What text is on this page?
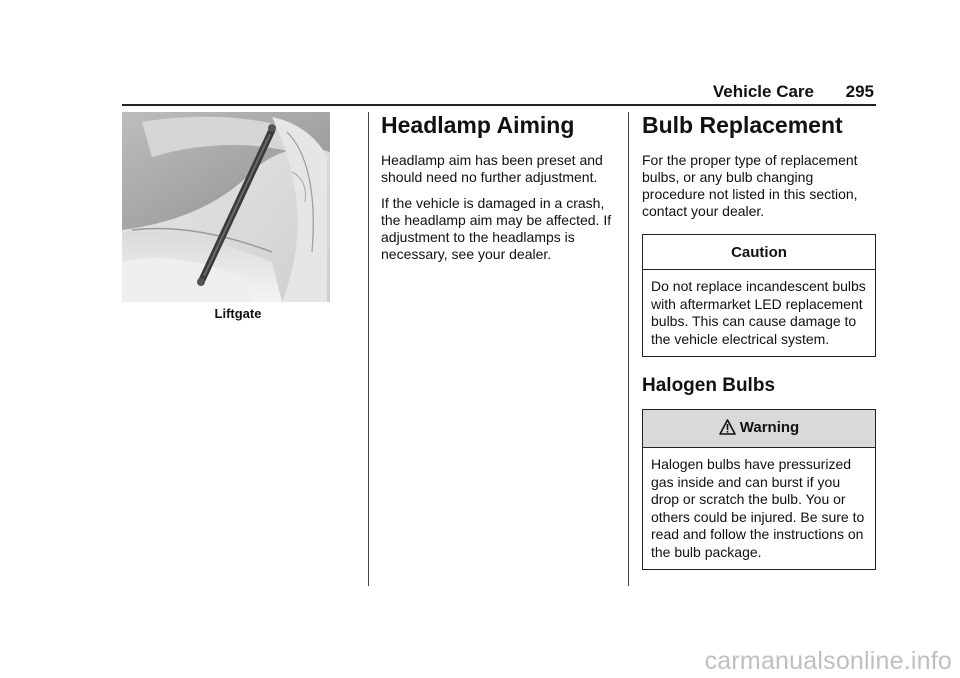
Vehicle Care 295
Liftgate
Headlamp Aiming

Headlamp aim has been preset and should need no further adjustment.

If the vehicle is damaged in a crash, the headlamp aim may be affected. If adjustment to the headlamps is necessary, see your dealer.

Bulb Replacement

For the proper type of replacement bulbs, or any bulb changing procedure not listed in this section, contact your dealer.

Caution
Do not replace incandescent bulbs with aftermarket LED replacement bulbs. This can cause damage to the vehicle electrical system.
Halogen Bulbs
Warning
Halogen bulbs have pressurized gas inside and can burst if you drop or scratch the bulb. You or others could be injured. Be sure to read and follow the instructions on the bulb package.
carmanualsonline.info
